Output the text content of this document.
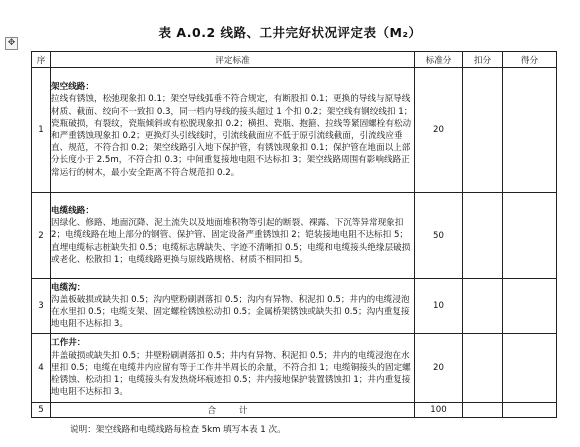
✥
表 A.0.2 线路、工井完好状况评定表（M₂）
序	评定标准	标准分	扣分	得分
1	架空线路：
拉线有锈蚀，松弛现象扣 0.1；架空导线弧垂不符合规定，有断股扣 0.1；更换的导线与原导线材质、截面、绞向不一致扣 0.3，同一档内导线的接头超过 1 个扣 0.2；架空线有钢绞线扣 1；瓷瓶破损，有裂纹，瓷瓶倾斜或有松脱现象扣 0.2；横担、瓷瓶、抱箍、拉线等紧固螺栓有松动和严重锈蚀现象扣 0.2；更换灯头引线线时，引流线截面应不低于原引流线截面，引流线应垂直、规范，不符合扣 0.2；架空线路引入地下保护管，有锈蚀现象扣 0.1；保护管在地面以上部分长度小于 2.5m，不符合扣 0.3；中间重复接地电阻不达标扣 3；架空线路周围有影响线路正常运行的树木，最小安全距离不符合规范扣 0.2。	20		
2	电缆线路：
因绿化、修路、地面沉降、泥土流失以及地面堆积物等引起的断裂、裸露、下沉等异常现象扣 2；电缆线路在地上部分的钢管、保护管、固定设备严重锈蚀扣 2；铠装接地电阻不达标扣 5；直埋电缆标志桩缺失扣 0.5；电缆标志牌缺失、字迹不清晰扣 0.5；电缆和电缆接头绝缘层破损或老化、松散扣 1；电缆线路更换与原线路规格、材质不相同扣 5。	50		
3	电缆沟：
沟盖板破损或缺失扣 0.5；沟内壁粉刷剥落扣 0.5；沟内有异物、积泥扣 0.5；井内的电缆浸泡在水里扣 0.5；电缆支架、固定螺栓锈蚀松动扣 0.5；金属桥架锈蚀或缺失扣 0.5；沟内重复接地电阻不达标扣 3。	10		
4	工作井：
井盖破损或缺失扣 0.5；井壁粉刷剥落扣 0.5；井内有异物、积泥扣 0.5；井内的电缆浸泡在水里扣 0.5；电缆在电缆井内应留有等于工作井半周长的余量，不符合扣 1；电缆铜接头的固定螺栓锈蚀、松动扣 1；电缆接头有发热烧坏痕迹扣 0.5；井内接地保护装置锈蚀扣 1；井内重复接地电阻不达标扣 3。	20		
5	合 计	100		
说明：架空线路和电缆线路每检查 5km 填写本表 1 次。
